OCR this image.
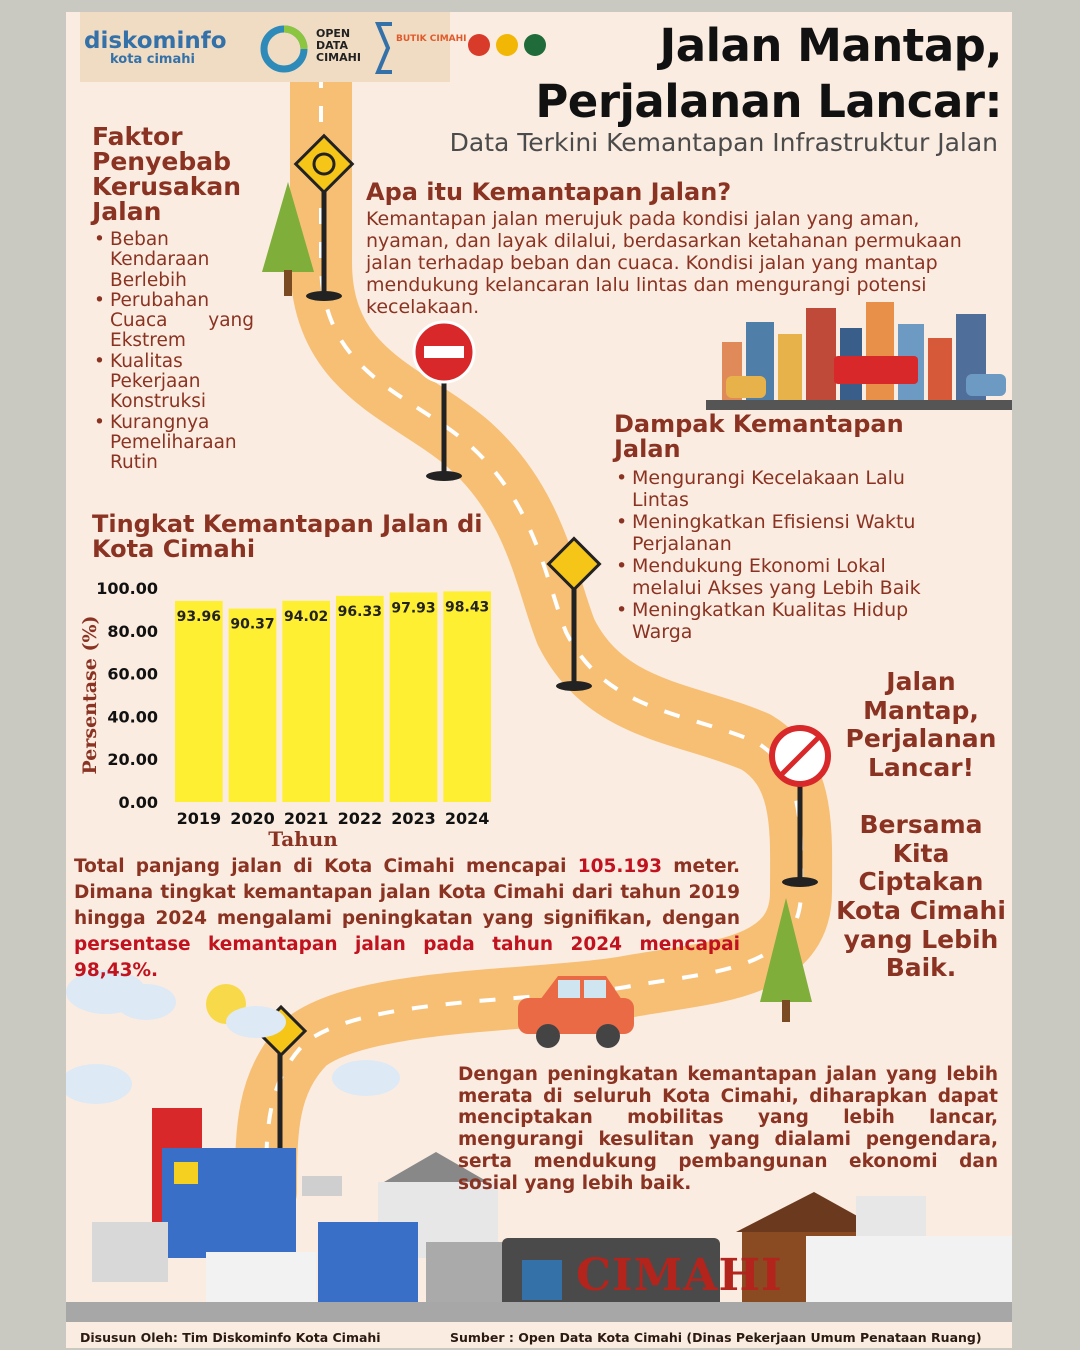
diskominfo
kota cimahi
OPEN DATA CIMAHI
BUTIK CIMAHI	Jalan Mantap,
Perjalanan Lancar:
Data Terkini Kemantapan Infrastruktur Jalan
Faktor Penyebab Kerusakan Jalan
• Beban Kendaraan Berlebih
• Perubahan Cuaca yang Ekstrem
• Kualitas Pekerjaan Konstruksi
• Kurangnya Pemeliharaan Rutin
Apa itu Kemantapan Jalan?
Kemantapan jalan merujuk pada kondisi jalan yang aman, nyaman, dan layak dilalui, berdasarkan ketahanan permukaan jalan terhadap beban dan cuaca. Kondisi jalan yang mantap mendukung kelancaran lalu lintas dan mengurangi potensi kecelakaan.
Dampak Kemantapan Jalan
• Mengurangi Kecelakaan Lalu Lintas
• Meningkatkan Efisiensi Waktu Perjalanan
• Mendukung Ekonomi Lokal melalui Akses yang Lebih Baik
• Meningkatkan Kualitas Hidup Warga
Tingkat Kemantapan Jalan di Kota Cimahi
0.00
20.00
40.00
60.00
80.00
100.00
93.96
2019
90.37
2020
94.02
2021
96.33
2022
97.93
2023
98.43
2024
Tahun
Persentase (%)
Total panjang jalan di Kota Cimahi mencapai 105.193 meter. Dimana tingkat kemantapan jalan Kota Cimahi dari tahun 2019 hingga 2024 mengalami peningkatan yang signifikan, dengan persentase kemantapan jalan pada tahun 2024 mencapai 98,43%.
Jalan Mantap, Perjalanan Lancar!
Bersama Kita Ciptakan Kota Cimahi yang Lebih Baik.
Dengan peningkatan kemantapan jalan yang lebih merata di seluruh Kota Cimahi, diharapkan dapat menciptakan mobilitas yang lebih lancar, mengurangi kesulitan yang dialami pengendara, serta mendukung pembangunan ekonomi dan sosial yang lebih baik.
CIMAHI
Disusun Oleh: Tim Diskominfo Kota Cimahi	Sumber : Open Data Kota Cimahi (Dinas Pekerjaan Umum Penataan Ruang)
